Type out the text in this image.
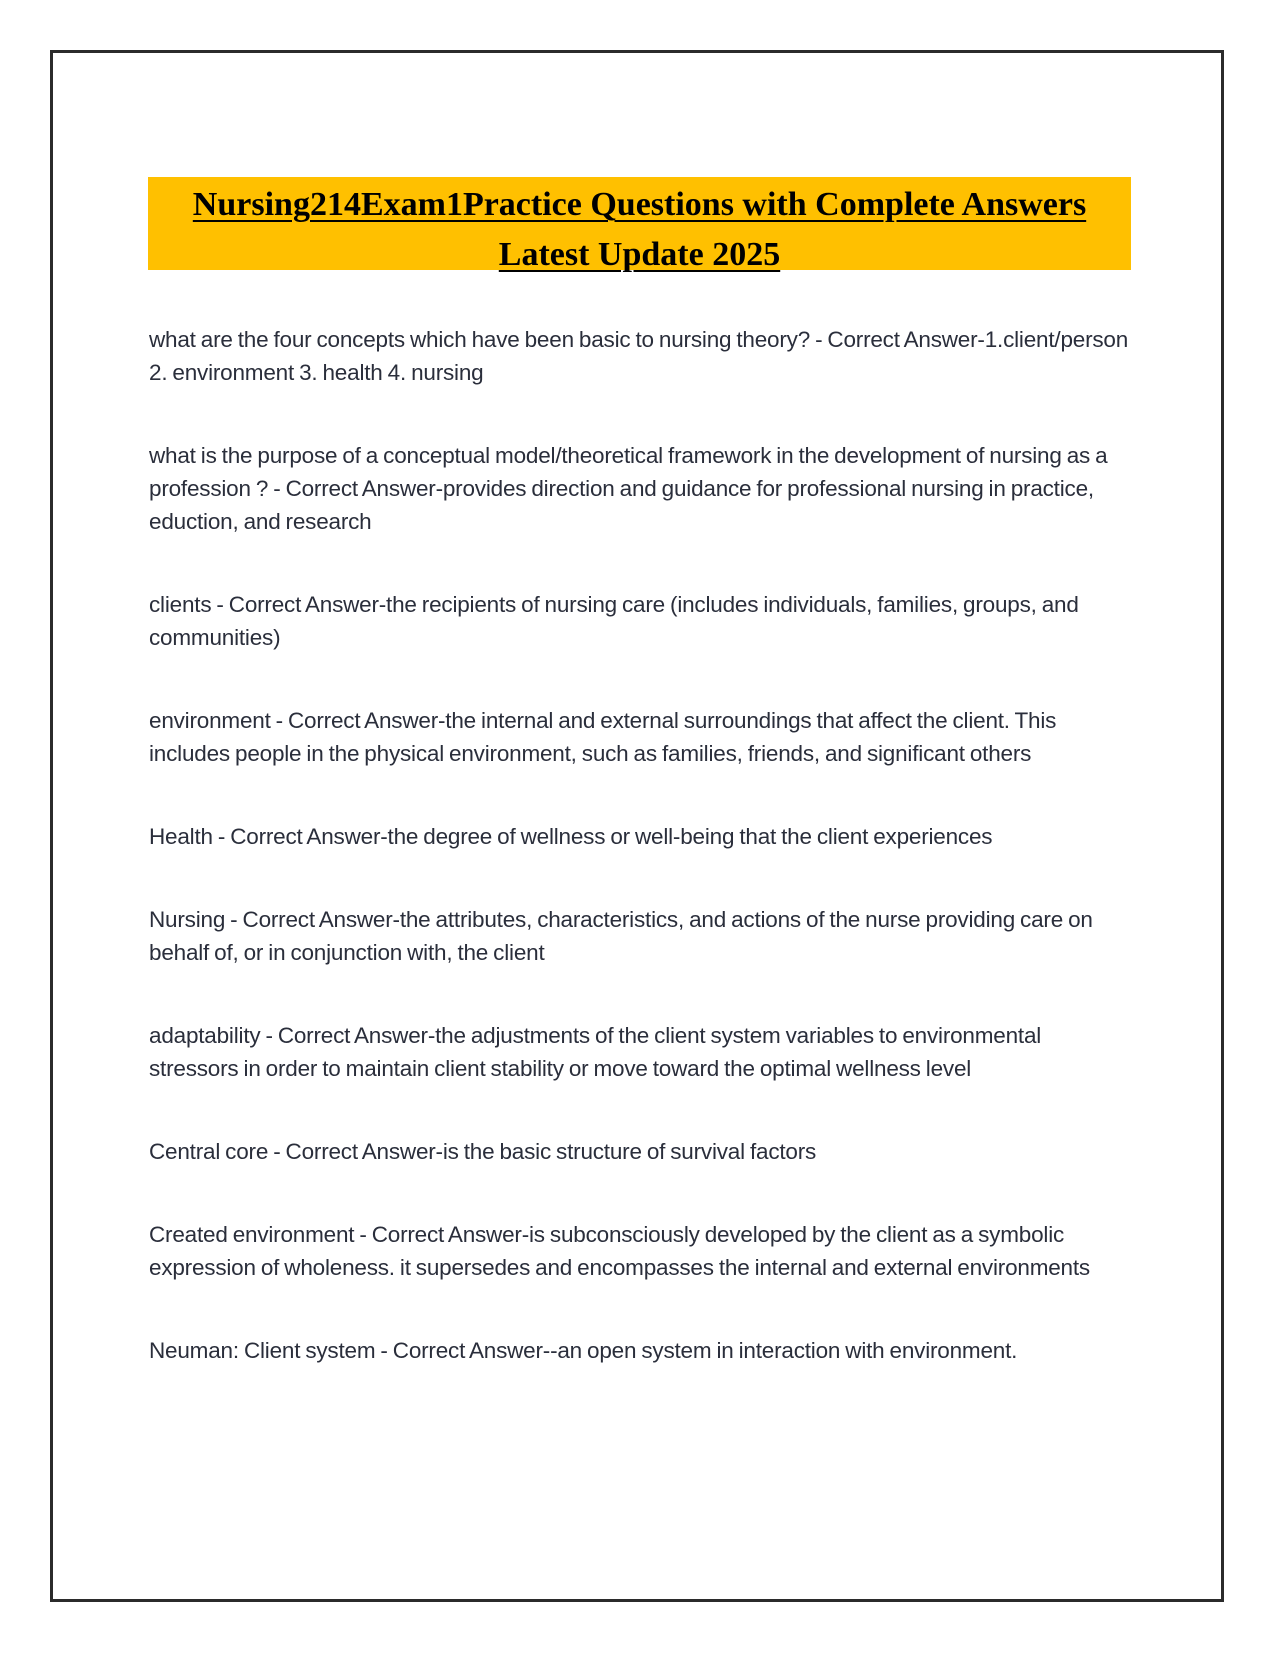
Nursing214Exam1Practice Questions with Complete Answers Latest Update 2025

what are the four concepts which have been basic to nursing theory? - Correct Answer-1.client/person 2. environment 3. health 4. nursing

what is the purpose of a conceptual model/theoretical framework in the development of nursing as a profession ? - Correct Answer-provides direction and guidance for professional nursing in practice, eduction, and research

clients - Correct Answer-the recipients of nursing care (includes individuals, families, groups, and communities)

environment - Correct Answer-the internal and external surroundings that affect the client. This includes people in the physical environment, such as families, friends, and significant others

Health - Correct Answer-the degree of wellness or well-being that the client experiences

Nursing - Correct Answer-the attributes, characteristics, and actions of the nurse providing care on behalf of, or in conjunction with, the client

adaptability - Correct Answer-the adjustments of the client system variables to environmental stressors in order to maintain client stability or move toward the optimal wellness level

Central core - Correct Answer-is the basic structure of survival factors

Created environment - Correct Answer-is subconsciously developed by the client as a symbolic expression of wholeness. it supersedes and encompasses the internal and external environments

Neuman: Client system - Correct Answer--an open system in interaction with environment.
